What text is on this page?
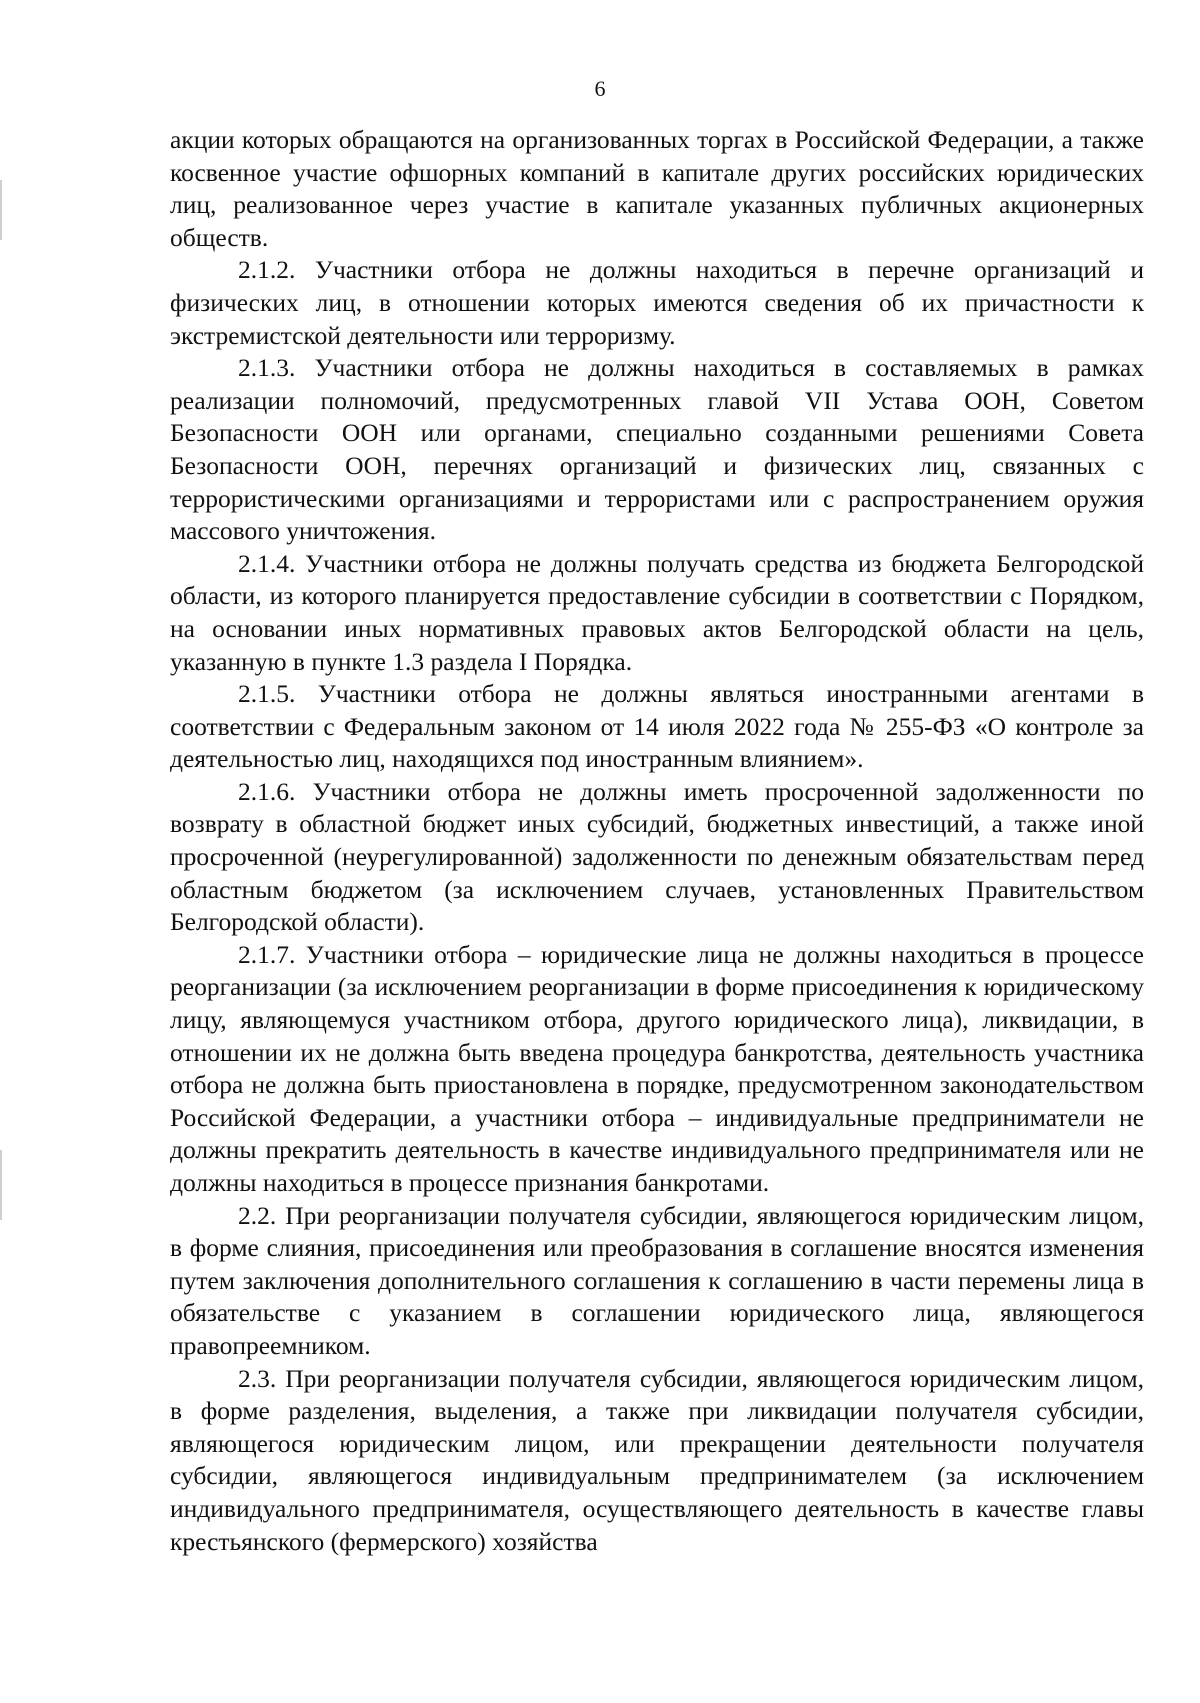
6

акции которых обращаются на организованных торгах в Российской Федерации, а также косвенное участие офшорных компаний в капитале других российских юридических лиц, реализованное через участие в капитале указанных публичных акционерных обществ.

2.1.2. Участники отбора не должны находиться в перечне организаций и физических лиц, в отношении которых имеются сведения об их причастности к экстремистской деятельности или терроризму.

2.1.3. Участники отбора не должны находиться в составляемых в рамках реализации полномочий, предусмотренных главой VII Устава ООН, Советом Безопасности ООН или органами, специально созданными решениями Совета Безопасности ООН, перечнях организаций и физических лиц, связанных с террористическими организациями и террористами или с распространением оружия массового уничтожения.

2.1.4. Участники отбора не должны получать средства из бюджета Белгородской области, из которого планируется предоставление субсидии в соответствии с Порядком, на основании иных нормативных правовых актов Белгородской области на цель, указанную в пункте 1.3 раздела I Порядка.

2.1.5. Участники отбора не должны являться иностранными агентами в соответствии с Федеральным законом от 14 июля 2022 года № 255-ФЗ «О контроле за деятельностью лиц, находящихся под иностранным влиянием».

2.1.6. Участники отбора не должны иметь просроченной задолженности по возврату в областной бюджет иных субсидий, бюджетных инвестиций, а также иной просроченной (неурегулированной) задолженности по денежным обязательствам перед областным бюджетом (за исключением случаев, установленных Правительством Белгородской области).

2.1.7. Участники отбора – юридические лица не должны находиться в процессе реорганизации (за исключением реорганизации в форме присоединения к юридическому лицу, являющемуся участником отбора, другого юридического лица), ликвидации, в отношении их не должна быть введена процедура банкротства, деятельность участника отбора не должна быть приостановлена в порядке, предусмотренном законодательством Российской Федерации, а участники отбора – индивидуальные предприниматели не должны прекратить деятельность в качестве индивидуального предпринимателя или не должны находиться в процессе признания банкротами.

2.2. При реорганизации получателя субсидии, являющегося юридическим лицом, в форме слияния, присоединения или преобразования в соглашение вносятся изменения путем заключения дополнительного соглашения к соглашению в части перемены лица в обязательстве с указанием в соглашении юридического лица, являющегося правопреемником.

2.3. При реорганизации получателя субсидии, являющегося юридическим лицом, в форме разделения, выделения, а также при ликвидации получателя субсидии, являющегося юридическим лицом, или прекращении деятельности получателя субсидии, являющегося индивидуальным предпринимателем (за исключением индивидуального предпринимателя, осуществляющего деятельность в качестве главы крестьянского (фермерского) хозяйства
